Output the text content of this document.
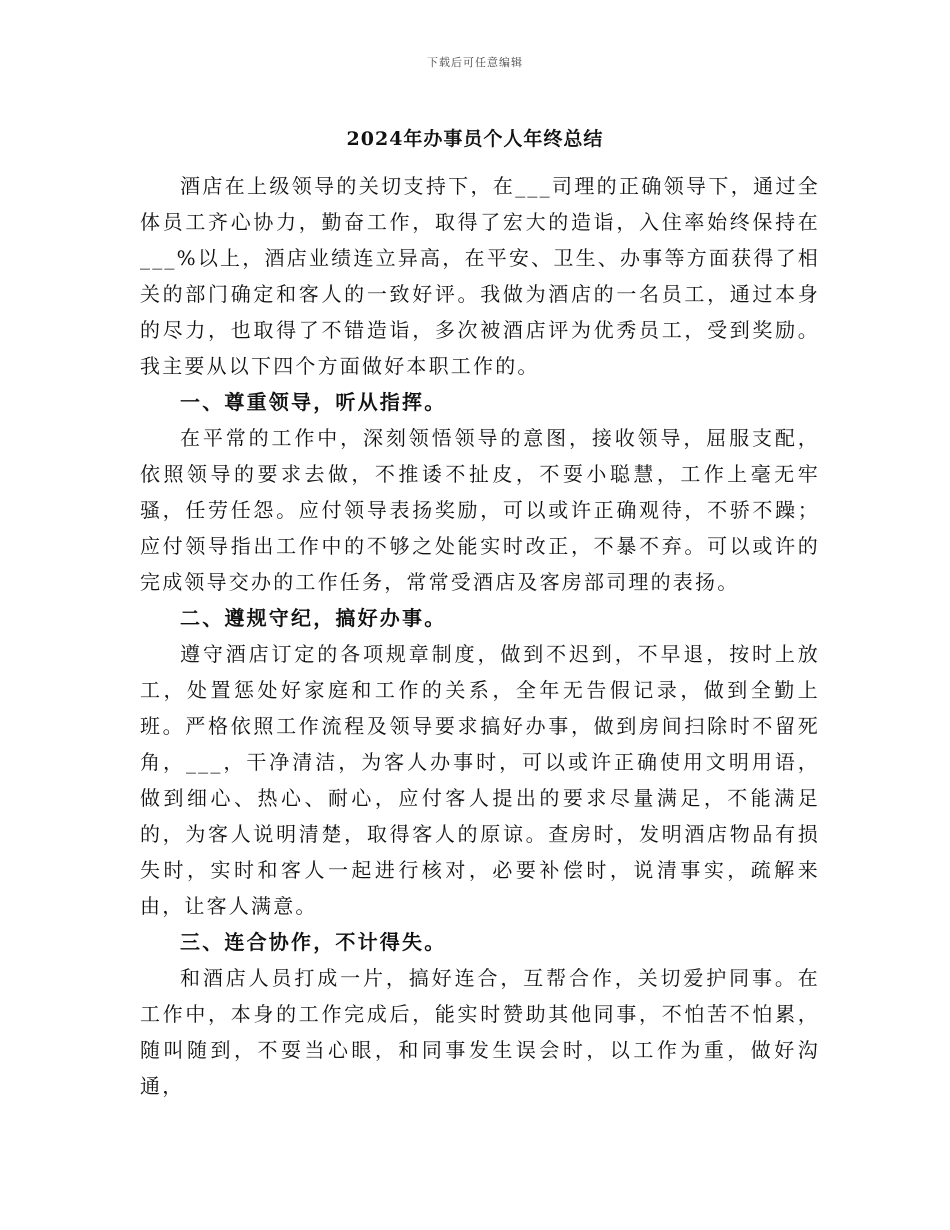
下载后可任意编辑
2024年办事员个人年终总结

酒店在上级领导的关切支持下，在___司理的正确领导下，通过全体员工齐心协力，勤奋工作，取得了宏大的造诣，入住率始终保持在___%以上，酒店业绩连立异高，在平安、卫生、办事等方面获得了相关的部门确定和客人的一致好评。我做为酒店的一名员工，通过本身的尽力，也取得了不错造诣，多次被酒店评为优秀员工，受到奖励。我主要从以下四个方面做好本职工作的。

一、尊重领导，听从指挥。

在平常的工作中，深刻领悟领导的意图，接收领导，屈服支配，依照领导的要求去做，不推诿不扯皮，不耍小聪慧，工作上毫无牢骚，任劳任怨。应付领导表扬奖励，可以或许正确观待，不骄不躁；应付领导指出工作中的不够之处能实时改正，不暴不弃。可以或许的完成领导交办的工作任务，常常受酒店及客房部司理的表扬。

二、遵规守纪，搞好办事。

遵守酒店订定的各项规章制度，做到不迟到，不早退，按时上放工，处置惩处好家庭和工作的关系，全年无告假记录，做到全勤上班。严格依照工作流程及领导要求搞好办事，做到房间扫除时不留死角，___，干净清洁，为客人办事时，可以或许正确使用文明用语，做到细心、热心、耐心，应付客人提出的要求尽量满足，不能满足的，为客人说明清楚，取得客人的原谅。查房时，发明酒店物品有损失时，实时和客人一起进行核对，必要补偿时，说清事实，疏解来由，让客人满意。

三、连合协作，不计得失。

和酒店人员打成一片，搞好连合，互帮合作，关切爱护同事。在工作中，本身的工作完成后，能实时赞助其他同事，不怕苦不怕累，随叫随到，不耍当心眼，和同事发生误会时，以工作为重，做好沟通，
